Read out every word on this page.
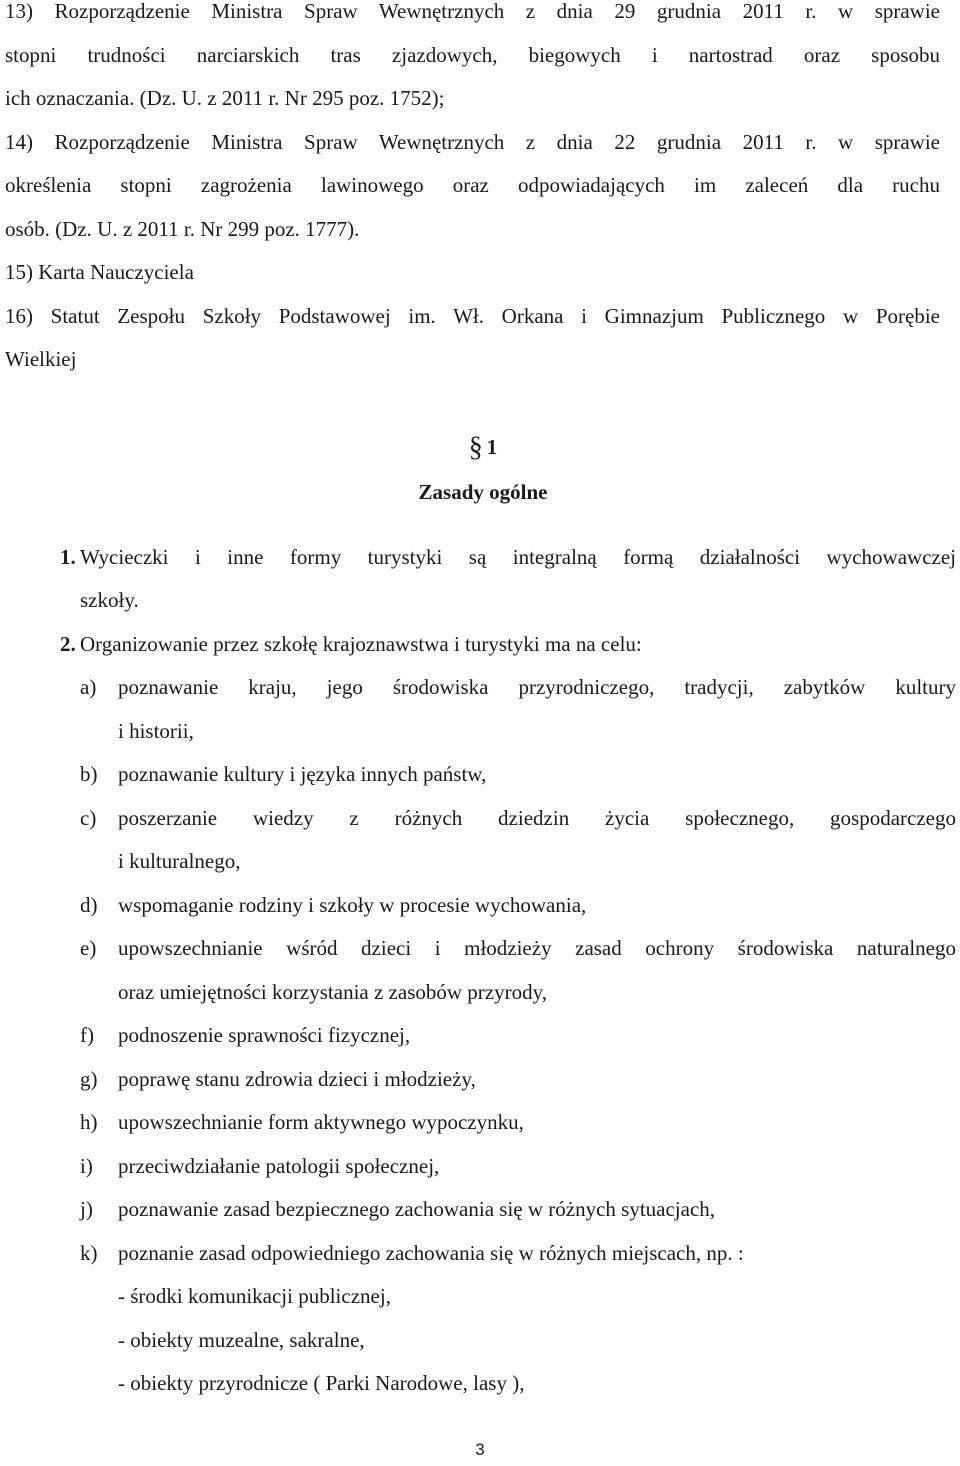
13) Rozporządzenie Ministra Spraw Wewnętrznych z dnia 29 grudnia 2011 r. w sprawie
stopni trudności narciarskich tras zjazdowych, biegowych i nartostrad oraz sposobu
ich oznaczania. (Dz. U. z 2011 r. Nr 295 poz. 1752);
14) Rozporządzenie Ministra Spraw Wewnętrznych z dnia 22 grudnia 2011 r. w sprawie
określenia stopni zagrożenia lawinowego oraz odpowiadających im zaleceń dla ruchu
osób. (Dz. U. z 2011 r. Nr 299 poz. 1777).
15) Karta Nauczyciela
16) Statut Zespołu Szkoły Podstawowej im. Wł. Orkana i Gimnazjum Publicznego w Porębie
Wielkiej
§ 1
Zasady ogólne
1. Wycieczki i inne formy turystyki są integralną formą działalności wychowawczej
szkoły.
2. Organizowanie przez szkołę krajoznawstwa i turystyki ma na celu:
a) poznawanie kraju, jego środowiska przyrodniczego, tradycji, zabytków kultury
i historii,
b) poznawanie kultury i języka innych państw,
c) poszerzanie wiedzy z różnych dziedzin życia społecznego, gospodarczego
i kulturalnego,
d) wspomaganie rodziny i szkoły w procesie wychowania,
e) upowszechnianie wśród dzieci i młodzieży zasad ochrony środowiska naturalnego
oraz umiejętności korzystania z zasobów przyrody,
f) podnoszenie sprawności fizycznej,
g) poprawę stanu zdrowia dzieci i młodzieży,
h) upowszechnianie form aktywnego wypoczynku,
i) przeciwdziałanie patologii społecznej,
j) poznawanie zasad bezpiecznego zachowania się w różnych sytuacjach,
k) poznanie zasad odpowiedniego zachowania się w różnych miejscach, np. :
- środki komunikacji publicznej,
- obiekty muzealne, sakralne,
- obiekty przyrodnicze ( Parki Narodowe, lasy ),
3
